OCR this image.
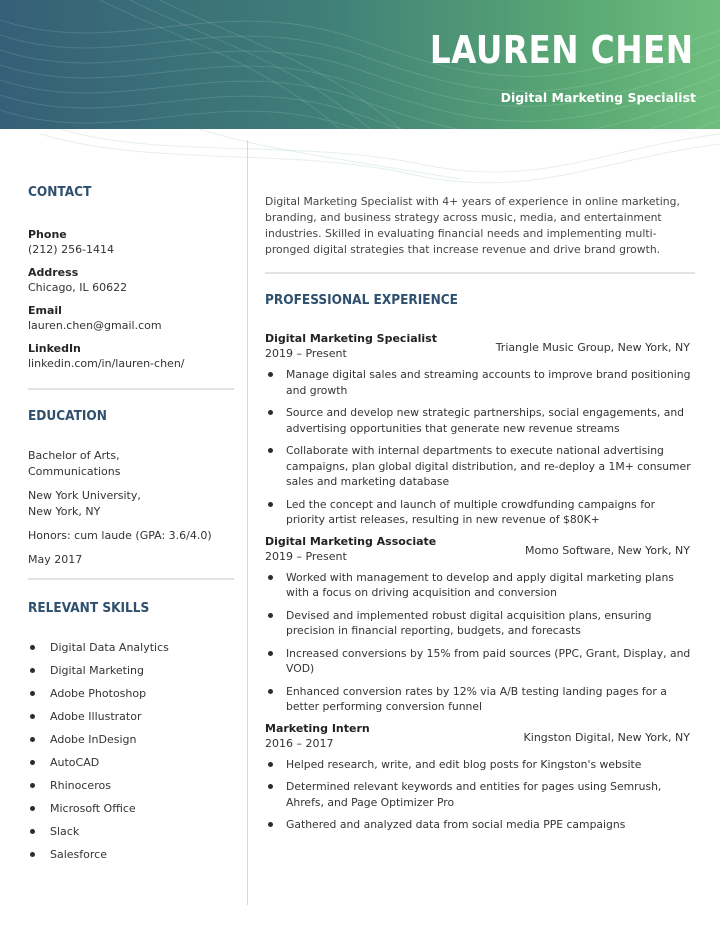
LAUREN CHEN
Digital Marketing Specialist
CONTACT
Phone
(212) 256-1414
Address
Chicago, IL 60622
Email
lauren.chen@gmail.com
LinkedIn
linkedin.com/in/lauren-chen/
EDUCATION

Bachelor of Arts,
Communications

New York University,
New York, NY

Honors: cum laude (GPA: 3.6/4.0)

May 2017

RELEVANT SKILLS
Digital Data Analytics
Digital Marketing
Adobe Photoshop
Adobe Illustrator
Adobe InDesign
AutoCAD
Rhinoceros
Microsoft Office
Slack
Salesforce

Digital Marketing Specialist with 4+ years of experience in online marketing, branding, and business strategy across music, media, and entertainment industries. Skilled in evaluating financial needs and implementing multi-pronged digital strategies that increase revenue and drive brand growth.

PROFESSIONAL EXPERIENCE
Digital Marketing Specialist
2019 – Present	Triangle Music Group, New York, NY
Manage digital sales and streaming accounts to improve brand positioning and growth
Source and develop new strategic partnerships, social engagements, and advertising opportunities that generate new revenue streams
Collaborate with internal departments to execute national advertising campaigns, plan global digital distribution, and re-deploy a 1M+ consumer sales and marketing database
Led the concept and launch of multiple crowdfunding campaigns for priority artist releases, resulting in new revenue of $80K+
Digital Marketing Associate
2019 – Present	Momo Software, New York, NY
Worked with management to develop and apply digital marketing plans with a focus on driving acquisition and conversion
Devised and implemented robust digital acquisition plans, ensuring precision in financial reporting, budgets, and forecasts
Increased conversions by 15% from paid sources (PPC, Grant, Display, and VOD)
Enhanced conversion rates by 12% via A/B testing landing pages for a better performing conversion funnel
Marketing Intern
2016 – 2017	Kingston Digital, New York, NY
Helped research, write, and edit blog posts for Kingston's website
Determined relevant keywords and entities for pages using Semrush, Ahrefs, and Page Optimizer Pro
Gathered and analyzed data from social media PPE campaigns
